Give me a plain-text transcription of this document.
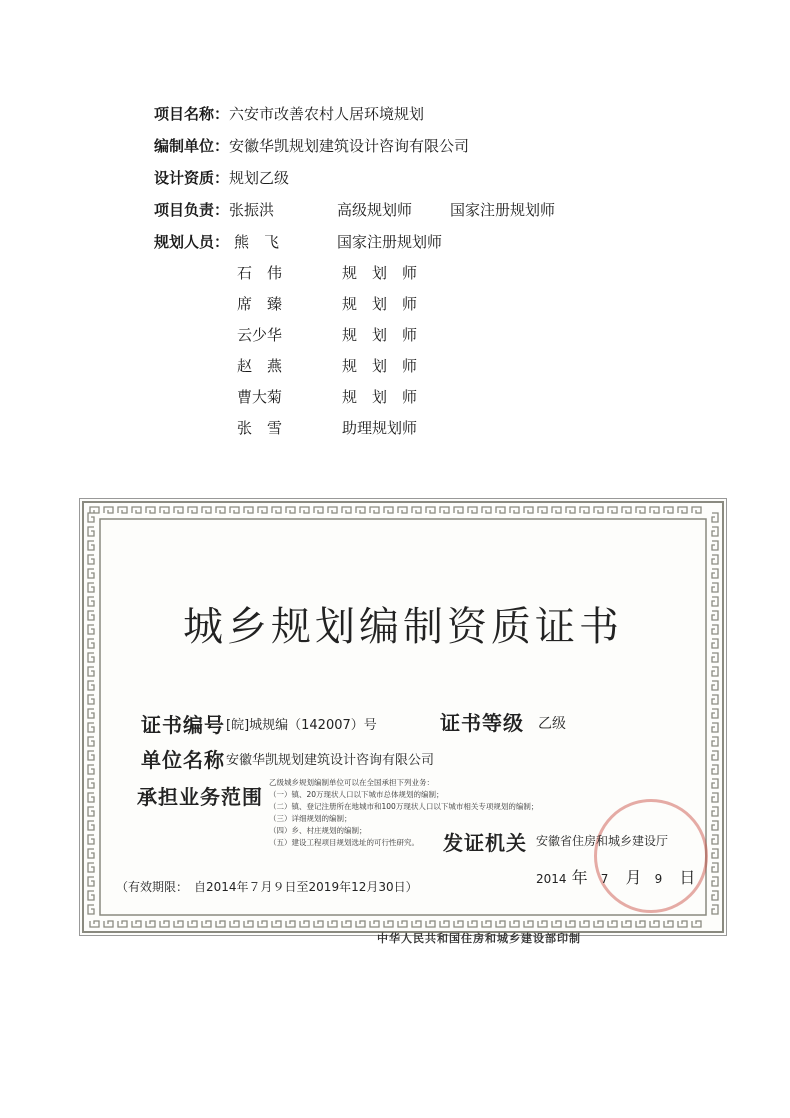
项目名称：六安市改善农村人居环境规划
编制单位：安徽华凯规划建筑设计咨询有限公司
设计资质：规划乙级
项目负责：张振洪	高级规划师	国家注册规划师
规划人员： 熊　飞	国家注册规划师
石　伟	规　划　师
席　臻	规　划　师
云少华	规　划　师
赵　燕	规　划　师
曹大菊	规　划　师
张　雪	助理规划师
城乡规划编制资质证书
证书编号 [皖]城规编（142007）号	证书等级 乙级
单位名称 安徽华凯规划建筑设计咨询有限公司
承担业务范围
乙级城乡规划编制单位可以在全国承担下列业务：
（一）镇、20万现状人口以下城市总体规划的编制；
（二）镇、登记注册所在地城市和100万现状人口以下城市相关专项规划的编制；
（三）详细规划的编制；
（四）乡、村庄规划的编制；
（五）建设工程项目规划选址的可行性研究。	发证机关 安徽省住房和城乡建设厅
2014 年 7 月 9 日
（有效期限：　自2014年７月９日至2019年12月30日）
中华人民共和国住房和城乡建设部印制
